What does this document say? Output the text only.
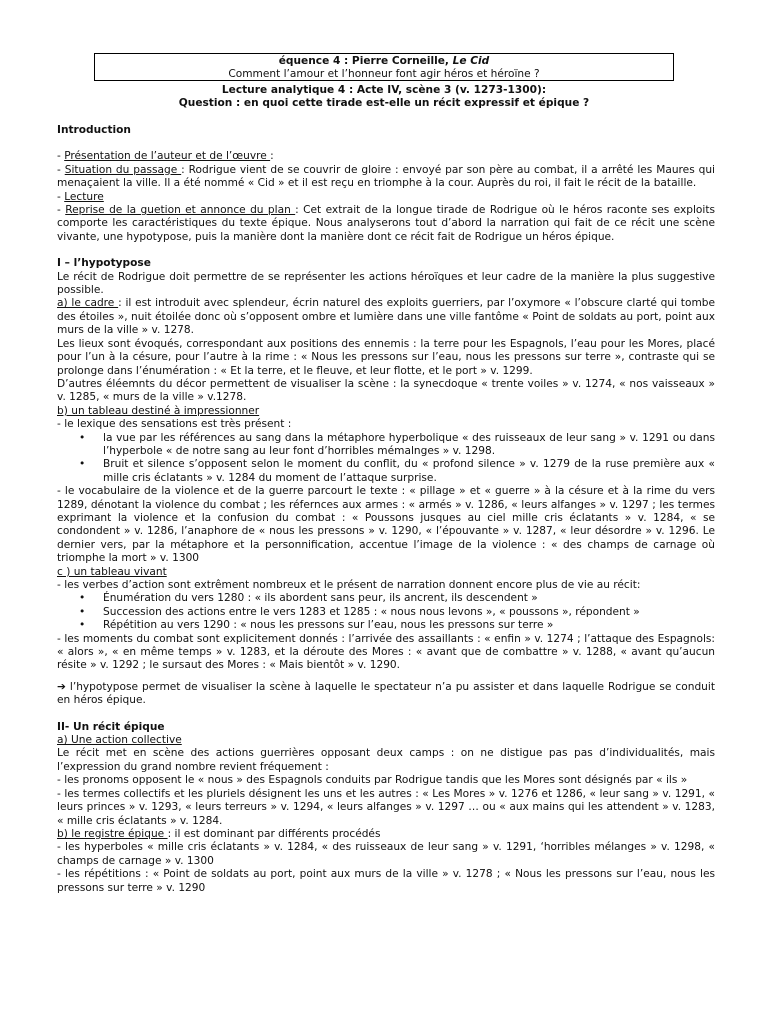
équence 4 : Pierre Corneille, Le Cid
Comment l’amour et l’honneur font agir héros et héroïne ?
Lecture analytique 4 : Acte IV, scène 3 (v. 1273-1300):
Question : en quoi cette tirade est-elle un récit expressif et épique ?

Introduction

- Présentation de l’auteur et de l’œuvre :

- Situation du passage : Rodrigue vient de se couvrir de gloire : envoyé par son père au combat, il a arrêté les Maures qui menaçaient la ville. Il a été nommé « Cid » et il est reçu en triomphe à la cour. Auprès du roi, il fait le récit de la bataille.

- Lecture

- Reprise de la guetion et annonce du plan : Cet extrait de la longue tirade de Rodrigue où le héros raconte ses exploits comporte les caractéristiques du texte épique. Nous analyserons tout d’abord la narration qui fait de ce récit une scène vivante, une hypotypose, puis la manière dont la manière dont ce récit fait de Rodrigue un héros épique.

I – l’hypotypose

Le récit de Rodrigue doit permettre de se représenter les actions héroïques et leur cadre de la manière la plus suggestive possible.

a) le cadre : il est introduit avec splendeur, écrin naturel des exploits guerriers, par l’oxymore « l’obscure clarté qui tombe des étoiles », nuit étoilée donc où s’opposent ombre et lumière dans une ville fantôme « Point de soldats au port, point aux murs de la ville » v. 1278.

Les lieux sont évoqués, correspondant aux positions des ennemis : la terre pour les Espagnols, l’eau pour les Mores, placé pour l’un à la césure, pour l’autre à la rime : « Nous les pressons sur l’eau, nous les pressons sur terre », contraste qui se prolonge dans l’énumération : « Et la terre, et le fleuve, et leur flotte, et le port » v. 1299.

D’autres éléemnts du décor permettent de visualiser la scène : la synecdoque « trente voiles » v. 1274, « nos vaisseaux » v. 1285, « murs de la ville » v.1278.

b) un tableau destiné à impressionner

- le lexique des sensations est très présent :

• la vue par les références au sang dans la métaphore hyperbolique « des ruisseaux de leur sang » v. 1291 ou dans l’hyperbole « de notre sang au leur font d’horribles mémalnges » v. 1298.
• Bruit et silence s’opposent selon le moment du conflit, du « profond silence » v. 1279 de la ruse première aux « mille cris éclatants » v. 1284 du moment de l’attaque surprise.

- le vocabulaire de la violence et de la guerre parcourt le texte : « pillage » et « guerre » à la césure et à la rime du vers 1289, dénotant la violence du combat ; les réfernces aux armes : « armés » v. 1286, « leurs alfanges » v. 1297 ; les termes exprimant la violence et la confusion du combat : « Poussons jusques au ciel mille cris éclatants » v. 1284, « se condondent » v. 1286, l’anaphore de « nous les pressons » v. 1290, « l’épouvante » v. 1287, « leur désordre » v. 1296. Le dernier vers, par la métaphore et la personnification, accentue l’image de la violence : « des champs de carnage où triomphe la mort » v. 1300

c ) un tableau vivant

- les verbes d’action sont extrêment nombreux et le présent de narration donnent encore plus de vie au récit:

• Énumération du vers 1280 : « ils abordent sans peur, ils ancrent, ils descendent »
• Succession des actions entre le vers 1283 et 1285 : « nous nous levons », « poussons », répondent »
• Répétition au vers 1290 : « nous les pressons sur l’eau, nous les pressons sur terre »

- les moments du combat sont explicitement donnés : l’arrivée des assaillants : « enfin » v. 1274 ; l’attaque des Espagnols: « alors », « en même temps » v. 1283, et la déroute des Mores : « avant que de combattre » v. 1288, « avant qu’aucun résite » v. 1292 ; le sursaut des Mores : « Mais bientôt » v. 1290.

➔ l’hypotypose permet de visualiser la scène à laquelle le spectateur n’a pu assister et dans laquelle Rodrigue se conduit en héros épique.

II- Un récit épique

a) Une action collective

Le récit met en scène des actions guerrières opposant deux camps : on ne distigue pas pas d’individualités, mais l’expression du grand nombre revient fréquement :

- les pronoms opposent le « nous » des Espagnols conduits par Rodrigue tandis que les Mores sont désignés par « ils »

- les termes collectifs et les pluriels désignent les uns et les autres : « Les Mores » v. 1276 et 1286, « leur sang » v. 1291, « leurs princes » v. 1293, « leurs terreurs » v. 1294, « leurs alfanges » v. 1297 … ou « aux mains qui les attendent » v. 1283, « mille cris éclatants » v. 1284.

b) le registre épique : il est dominant par différents procédés

- les hyperboles « mille cris éclatants » v. 1284, « des ruisseaux de leur sang » v. 1291, ‘horribles mélanges » v. 1298, « champs de carnage » v. 1300

- les répétitions : « Point de soldats au port, point aux murs de la ville » v. 1278 ; « Nous les pressons sur l’eau, nous les pressons sur terre » v. 1290
